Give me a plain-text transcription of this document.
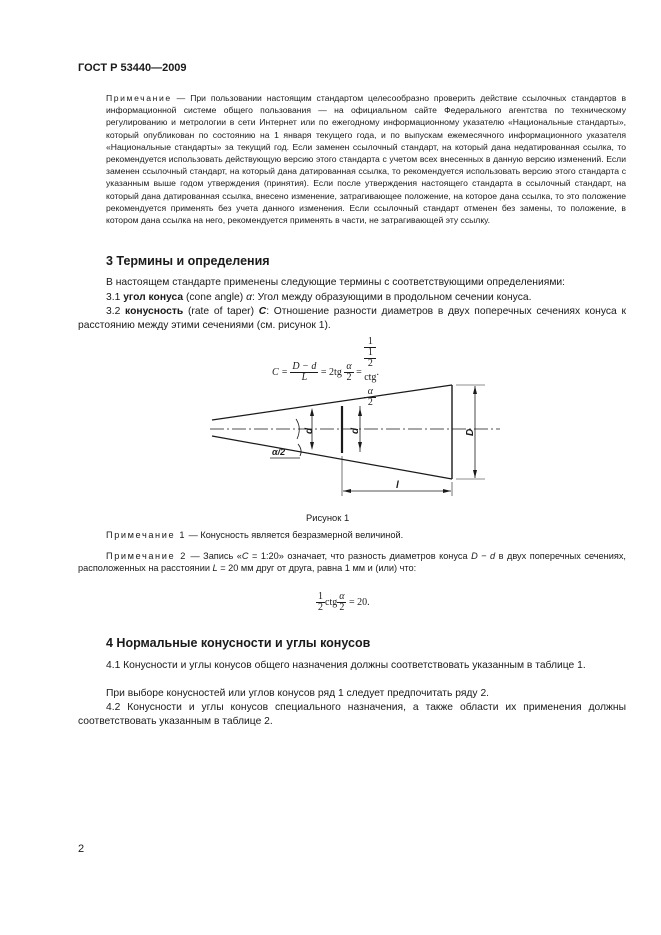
ГОСТ Р 53440—2009
Примечание — При пользовании настоящим стандартом целесообразно проверить действие ссылочных стандартов в информационной системе общего пользования — на официальном сайте Федерального агентства по техническому регулированию и метрологии в сети Интернет или по ежегодному информационному указателю «Национальные стандарты», который опубликован по состоянию на 1 января текущего года, и по выпускам ежемесячного информационного указателя «Национальные стандарты» за текущий год. Если заменен ссылочный стандарт, на который дана недатированная ссылка, то рекомендуется использовать действующую версию этого стандарта с учетом всех внесенных в данную версию изменений. Если заменен ссылочный стандарт, на который дана датированная ссылка, то рекомендуется использовать версию этого стандарта с указанным выше годом утверждения (принятия). Если после утверждения настоящего стандарта в ссылочный стандарт, на который дана датированная ссылка, внесено изменение, затрагивающее положение, на которое дана ссылка, то это положение рекомендуется применять без учета данного изменения. Если ссылочный стандарт отменен без замены, то положение, в котором дана ссылка на него, рекомендуется применять в части, не затрагивающей эту ссылку.
3 Термины и определения
В настоящем стандарте применены следующие термины с соответствующими определениями:
3.1 угол конуса (cone angle) α: Угол между образующими в продольном сечении конуса.
3.2 конусность (rate of taper) C: Отношение разности диаметров в двух поперечных сечениях конуса к расстоянию между этими сечениями (см. рисунок 1).
$C = \frac{D - d}{L} = 2tg \frac{\alpha}{2} = 1$
1
2
ctg
α
2 .
d	d	D
l
α/2
Рисунок 1
Примечание 1 — Конусность является безразмерной величиной.
Примечание 2 — Запись «C = 1:20» означает, что разность диаметров конуса D − d в двух поперечных сечениях, расположенных на расстоянии L = 20 мм друг от друга, равна 1 мм и (или) что:
$\frac{1}{2}$ ctg $\frac{\alpha}{2} = 20$.
4 Нормальные конусности и углы конусов
4.1 Конусности и углы конусов общего назначения должны соответствовать указанным в таблице 1.
При выборе конусностей или углов конусов ряд 1 следует предпочитать ряду 2.
4.2 Конусности и углы конусов специального назначения, а также области их применения должны соответствовать указанным в таблице 2.
2
